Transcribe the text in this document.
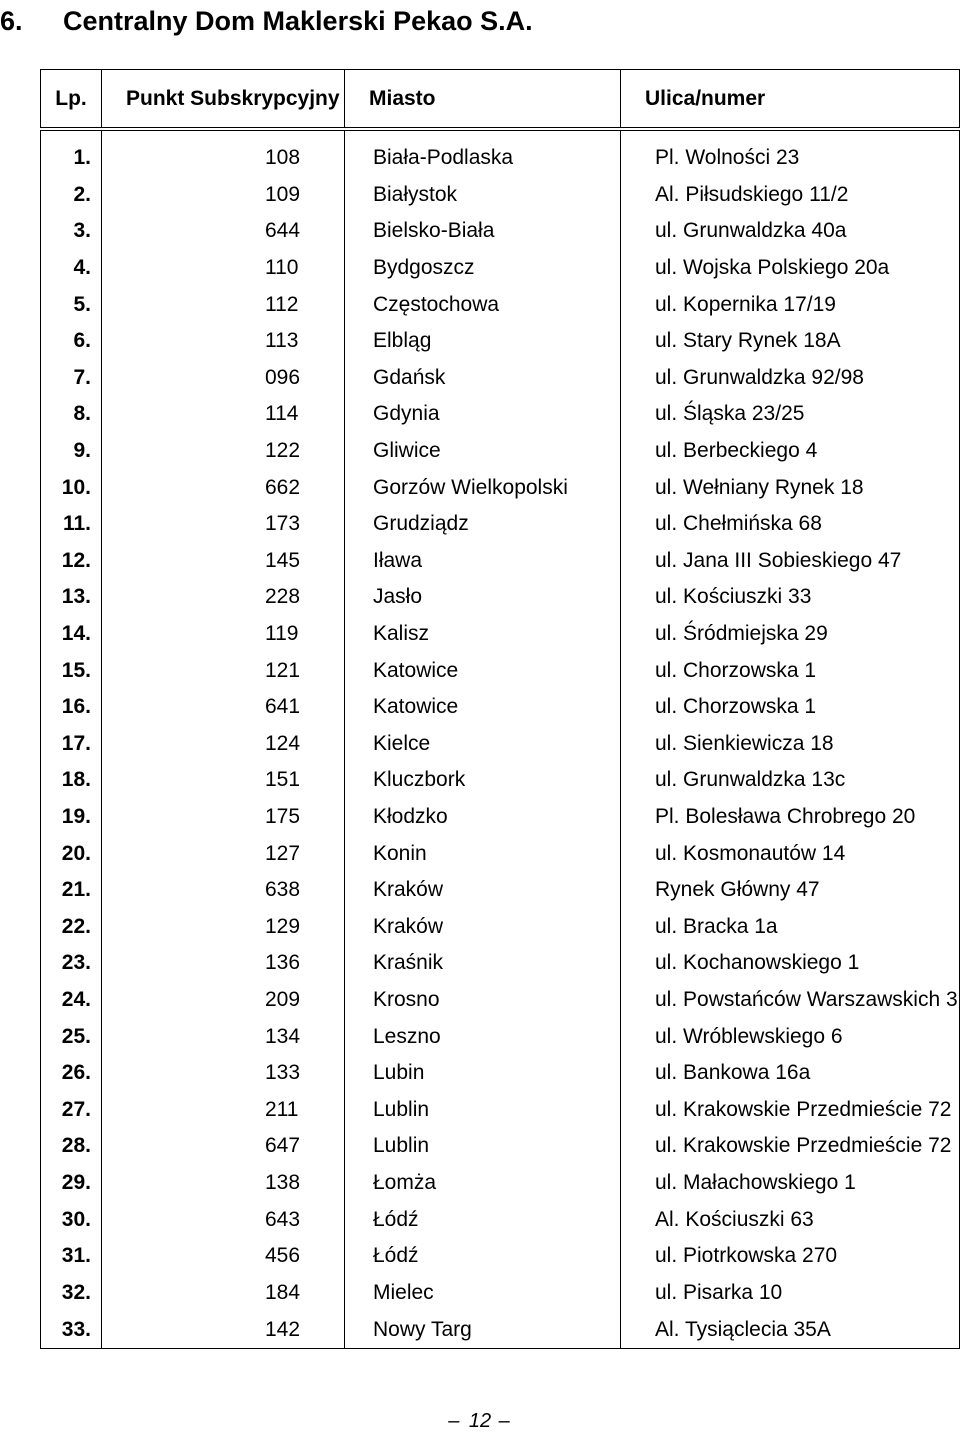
6. Centralny Dom Maklerski Pekao S.A.
Lp.	Punkt Subskrypcyjny	Miasto	Ulica/numer

1.	108	Biała-Podlaska	Pl. Wolności 23
2.	109	Białystok	Al. Piłsudskiego 11/2
3.	644	Bielsko-Biała	ul. Grunwaldzka 40a
4.	110	Bydgoszcz	ul. Wojska Polskiego 20a
5.	112	Częstochowa	ul. Kopernika 17/19
6.	113	Elbląg	ul. Stary Rynek 18A
7.	096	Gdańsk	ul. Grunwaldzka 92/98
8.	114	Gdynia	ul. Śląska 23/25
9.	122	Gliwice	ul. Berbeckiego 4
10.	662	Gorzów Wielkopolski	ul. Wełniany Rynek 18
11.	173	Grudziądz	ul. Chełmińska 68
12.	145	Iława	ul. Jana III Sobieskiego 47
13.	228	Jasło	ul. Kościuszki 33
14.	119	Kalisz	ul. Śródmiejska 29
15.	121	Katowice	ul. Chorzowska 1
16.	641	Katowice	ul. Chorzowska 1
17.	124	Kielce	ul. Sienkiewicza 18
18.	151	Kluczbork	ul. Grunwaldzka 13c
19.	175	Kłodzko	Pl. Bolesława Chrobrego 20
20.	127	Konin	ul. Kosmonautów 14
21.	638	Kraków	Rynek Główny 47
22.	129	Kraków	ul. Bracka 1a
23.	136	Kraśnik	ul. Kochanowskiego 1
24.	209	Krosno	ul. Powstańców Warszawskich 3
25.	134	Leszno	ul. Wróblewskiego 6
26.	133	Lubin	ul. Bankowa 16a
27.	211	Lublin	ul. Krakowskie Przedmieście 72
28.	647	Lublin	ul. Krakowskie Przedmieście 72
29.	138	Łomża	ul. Małachowskiego 1
30.	643	Łódź	Al. Kościuszki 63
31.	456	Łódź	ul. Piotrkowska 270
32.	184	Mielec	ul. Pisarka 10
33.	142	Nowy Targ	Al. Tysiąclecia 35A
– 12 –
